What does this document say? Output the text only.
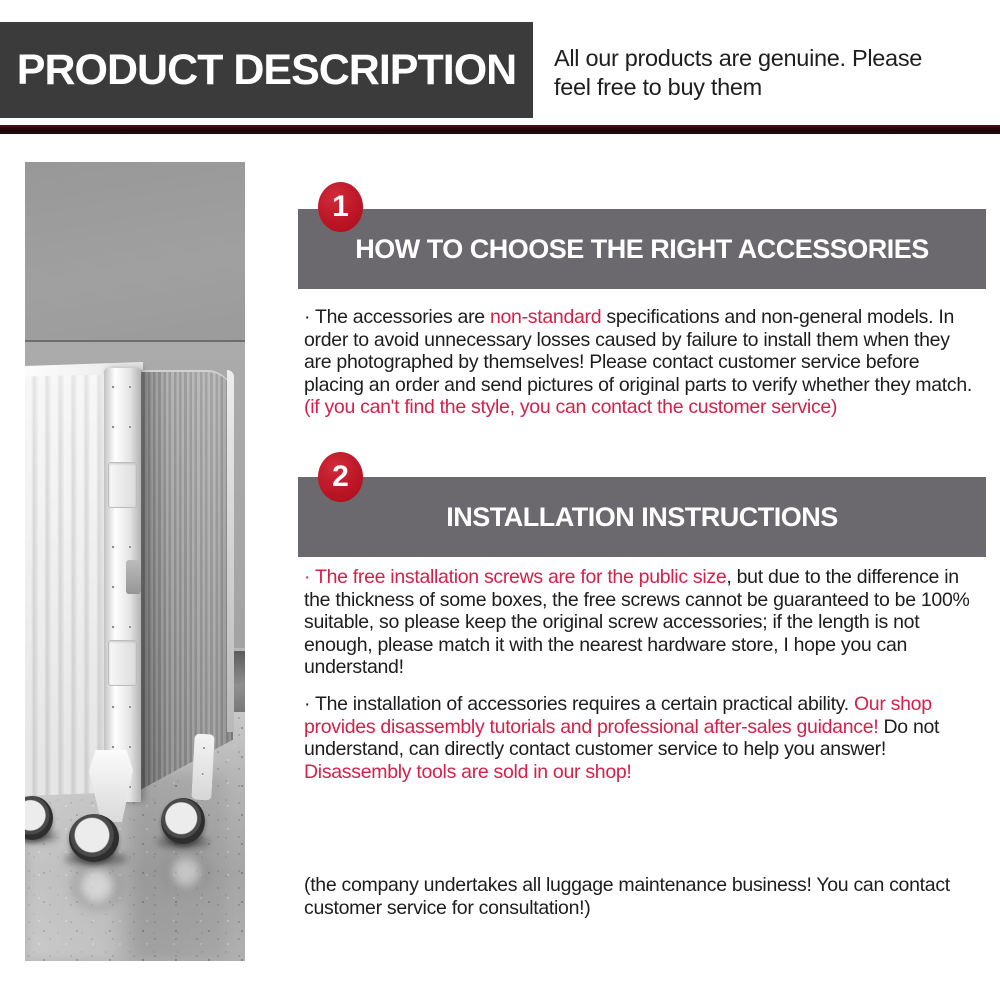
PRODUCT DESCRIPTION All our products are genuine. Please
feel free to buy them
1
HOW TO CHOOSE THE RIGHT ACCESSORIES

· The accessories are non-standard specifications and non-general models. In order to avoid unnecessary losses caused by failure to install them when they are photographed by themselves! Please contact customer service before placing an order and send pictures of original parts to verify whether they match. (if you can't find the style, you can contact the customer service)

2
INSTALLATION INSTRUCTIONS

· The free installation screws are for the public size, but due to the difference in the thickness of some boxes, the free screws cannot be guaranteed to be 100% suitable, so please keep the original screw accessories; if the length is not enough, please match it with the nearest hardware store, I hope you can understand!

· The installation of accessories requires a certain practical ability. Our shop provides disassembly tutorials and professional after-sales guidance! Do not understand, can directly contact customer service to help you answer! Disassembly tools are sold in our shop!

(the company undertakes all luggage maintenance business! You can contact customer service for consultation!)
